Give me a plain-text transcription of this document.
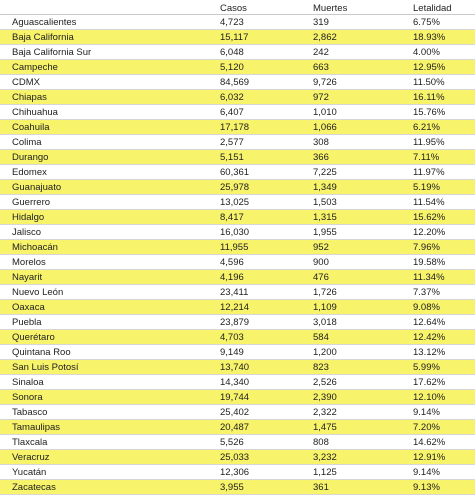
	Casos	Muertes	Letalidad
Aguascalientes	4,723	319	6.75%
Baja California	15,117	2,862	18.93%
Baja California Sur	6,048	242	4.00%
Campeche	5,120	663	12.95%
CDMX	84,569	9,726	11.50%
Chiapas	6,032	972	16.11%
Chihuahua	6,407	1,010	15.76%
Coahuila	17,178	1,066	6.21%
Colima	2,577	308	11.95%
Durango	5,151	366	7.11%
Edomex	60,361	7,225	11.97%
Guanajuato	25,978	1,349	5.19%
Guerrero	13,025	1,503	11.54%
Hidalgo	8,417	1,315	15.62%
Jalisco	16,030	1,955	12.20%
Michoacán	11,955	952	7.96%
Morelos	4,596	900	19.58%
Nayarit	4,196	476	11.34%
Nuevo León	23,411	1,726	7.37%
Oaxaca	12,214	1,109	9.08%
Puebla	23,879	3,018	12.64%
Querétaro	4,703	584	12.42%
Quintana Roo	9,149	1,200	13.12%
San Luis Potosí	13,740	823	5.99%
Sinaloa	14,340	2,526	17.62%
Sonora	19,744	2,390	12.10%
Tabasco	25,402	2,322	9.14%
Tamaulipas	20,487	1,475	7.20%
Tlaxcala	5,526	808	14.62%
Veracruz	25,033	3,232	12.91%
Yucatán	12,306	1,125	9.14%
Zacatecas	3,955	361	9.13%
